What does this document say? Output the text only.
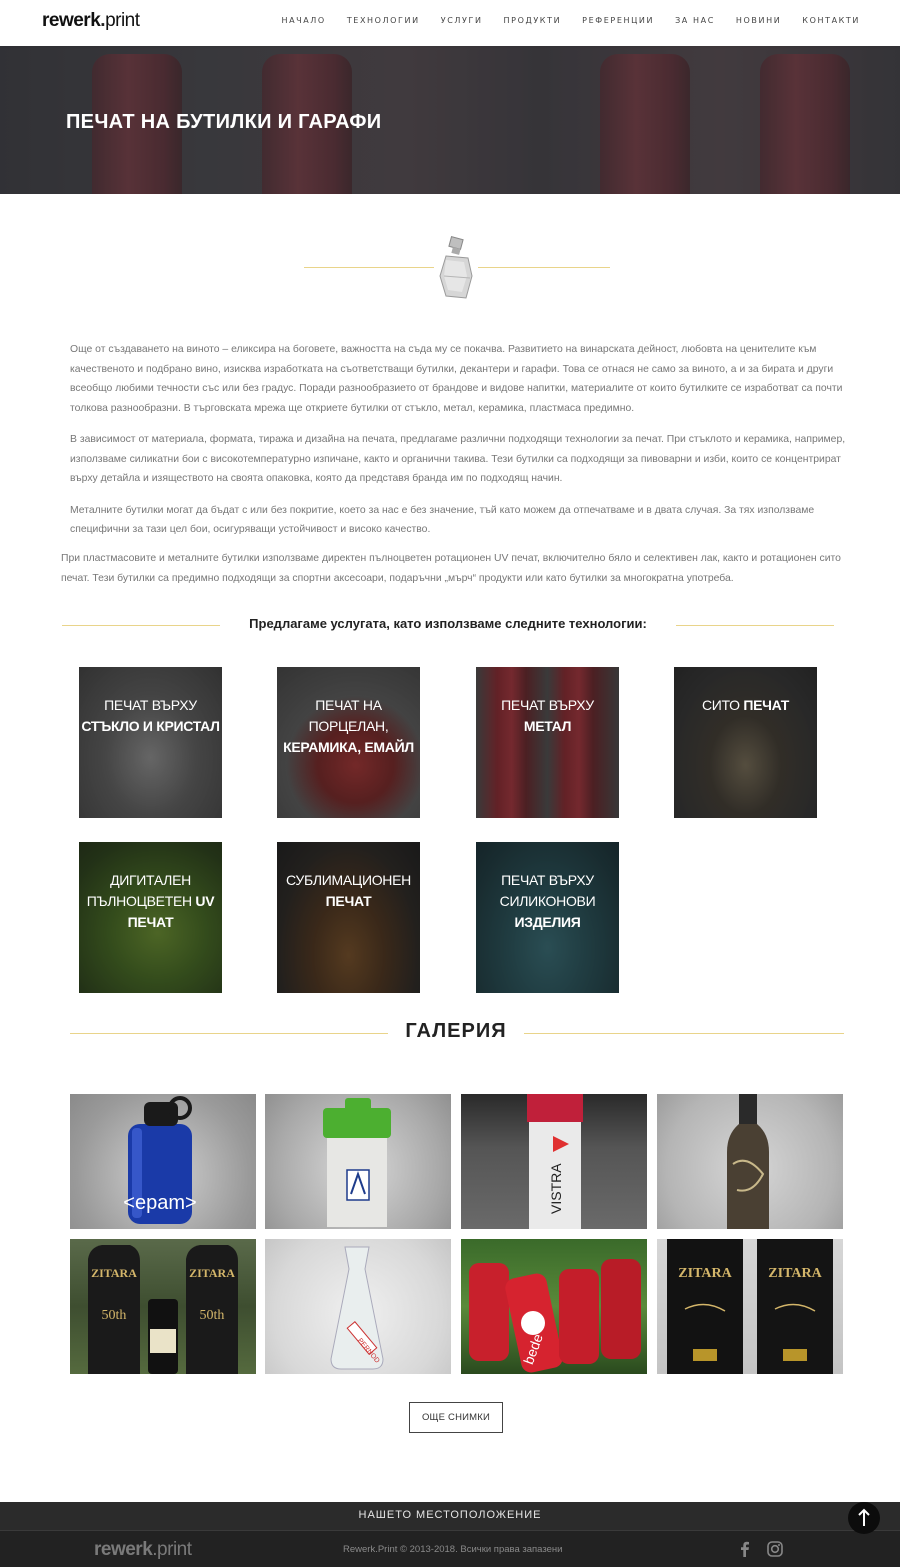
rewerk.print	НАЧАЛО	ТЕХНОЛОГИИ	УСЛУГИ	ПРОДУКТИ	РЕФЕРЕНЦИИ	ЗА НАС	НОВИНИ	КОНТАКТИ
ПЕЧАТ НА БУТИЛКИ И ГАРАФИ

Още от създаването на виното – еликсира на боговете, важността на съда му се покачва. Развитието на винарската дейност, любовта на ценителите към качественото и подбрано вино, изисква изработката на съответстващи бутилки, декантери и гарафи. Това се отнася не само за виното, а и за бирата и други всеобщо любими течности със или без градус. Поради разнообразието от брандове и видове напитки, материалите от които бутилките се изработват са почти толкова разнообразни. В търговската мрежа ще откриете бутилки от стъкло, метал, керамика, пластмаса предимно.

В зависимост от материала, формата, тиража и дизайна на печата, предлагаме различни подходящи технологии за печат. При стъклото и керамика, например, използваме силикатни бои с високотемпературно изпичане, както и органични такива. Тези бутилки са подходящи за пивоварни и изби, които се концентрират върху детайла и изяществото на своята опаковка, която да представя бранда им по подходящ начин.

Металните бутилки могат да бъдат с или без покритие, което за нас е без значение, тъй като можем да отпечатваме и в двата случая. За тях използваме специфични за тази цел бои, осигуряващи устойчивост и високо качество.

При пластмасовите и металните бутилки използваме директен пълноцветен ротационен UV печат, включително бяло и селективен лак, както и ротационен сито печат. Тези бутилки са предимно подходящи за спортни аксесоари, подаръчни „мърч“ продукти или като бутилки за многократна употреба.
Предлагаме услугата, като използваме следните технологии:
ПЕЧАТ ВЪРХУ СТЪКЛО И КРИСТАЛ
ПЕЧАТ НА ПОРЦЕЛАН, КЕРАМИКА, ЕМАЙЛ
ПЕЧАТ ВЪРХУ МЕТАЛ
СИТО ПЕЧАТ
ДИГИТАЛЕН ПЪЛНОЦВЕТЕН UV ПЕЧАТ
СУБЛИМАЦИОНЕН ПЕЧАТ
ПЕЧАТ ВЪРХУ СИЛИКОНОВИ ИЗДЕЛИЯ
ГАЛЕРИЯ
<epam>	VISTRA
ZITARA	ZITARA
50th	50th
PERNOD	bede
ZITARA	ZITARA
ОЩЕ СНИМКИ
НАШЕТО МЕСТОПОЛОЖЕНИЕ
rewerk.print	Rewerk.Print © 2013-2018. Всички права запазени
